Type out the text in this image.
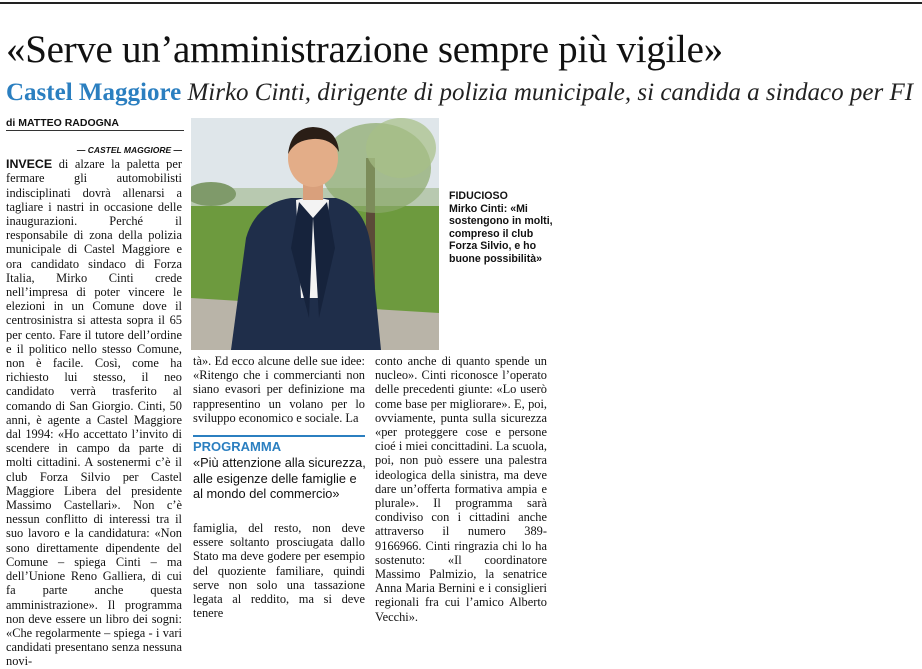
«Serve un’amministrazione sempre più vigile»
Castel Maggiore Mirko Cinti, dirigente di polizia municipale, si candida a sindaco per FI
di MATTEO RADOGNA
— CASTEL MAGGIORE —
INVECE di alzare la paletta per fermare gli automobilisti indisciplinati dovrà allenarsi a tagliare i nastri in occasione delle inaugurazioni. Perché il responsabile di zona della polizia municipale di Castel Maggiore e ora candidato sindaco di Forza Italia, Mirko Cinti crede nell’impresa di poter vincere le elezioni in un Comune dove il centrosinistra si attesta sopra il 65 per cento. Fare il tutore dell’ordine e il politico nello stesso Comune, non è facile. Così, come ha richiesto lui stesso, il neo candidato verrà trasferito al comando di San Giorgio. Cinti, 50 anni, è agente a Castel Maggiore dal 1994: «Ho accettato l’invito di scendere in campo da parte di molti cittadini. A sostenermi c’è il club Forza Silvio per Castel Maggiore Libera del presidente Massimo Castellari». Non c’è nessun conflitto di interessi tra il suo lavoro e la candidatura: «Non sono direttamente dipendente del Comune – spiega Cinti – ma dell’Unione Reno Galliera, di cui fa parte anche questa amministrazione». Il programma non deve essere un libro dei sogni: «Che regolarmente – spiega - i vari candidati presentano senza nessuna novi-
FIDUCIOSO
Mirko Cinti: «Mi sostengono in molti, compreso il club Forza Silvio, e ho buone possibilità»
tà». Ed ecco alcune delle sue idee: «Ritengo che i commercianti non siano evasori per definizione ma rappresentino un volano per lo sviluppo economico e sociale. La
PROGRAMMA
«Più attenzione alla sicurezza, alle esigenze delle famiglie e al mondo del commercio»
famiglia, del resto, non deve essere soltanto prosciugata dallo Stato ma deve godere per esempio del quoziente familiare, quindi serve non solo una tassazione legata al reddito, ma si deve tenere
conto anche di quanto spende un nucleo». Cinti riconosce l’operato delle precedenti giunte: «Lo userò come base per migliorare». E, poi, ovviamente, punta sulla sicurezza «per proteggere cose e persone cioé i miei concittadini. La scuola, poi, non può essere una palestra ideologica della sinistra, ma deve dare un’offerta formativa ampia e plurale». Il programma sarà condiviso con i cittadini anche attraverso il numero 389-9166966. Cinti ringrazia chi lo ha sostenuto: «Il coordinatore Massimo Palmizio, la senatrice Anna Maria Bernini e i consiglieri regionali fra cui l’amico Alberto Vecchi».
